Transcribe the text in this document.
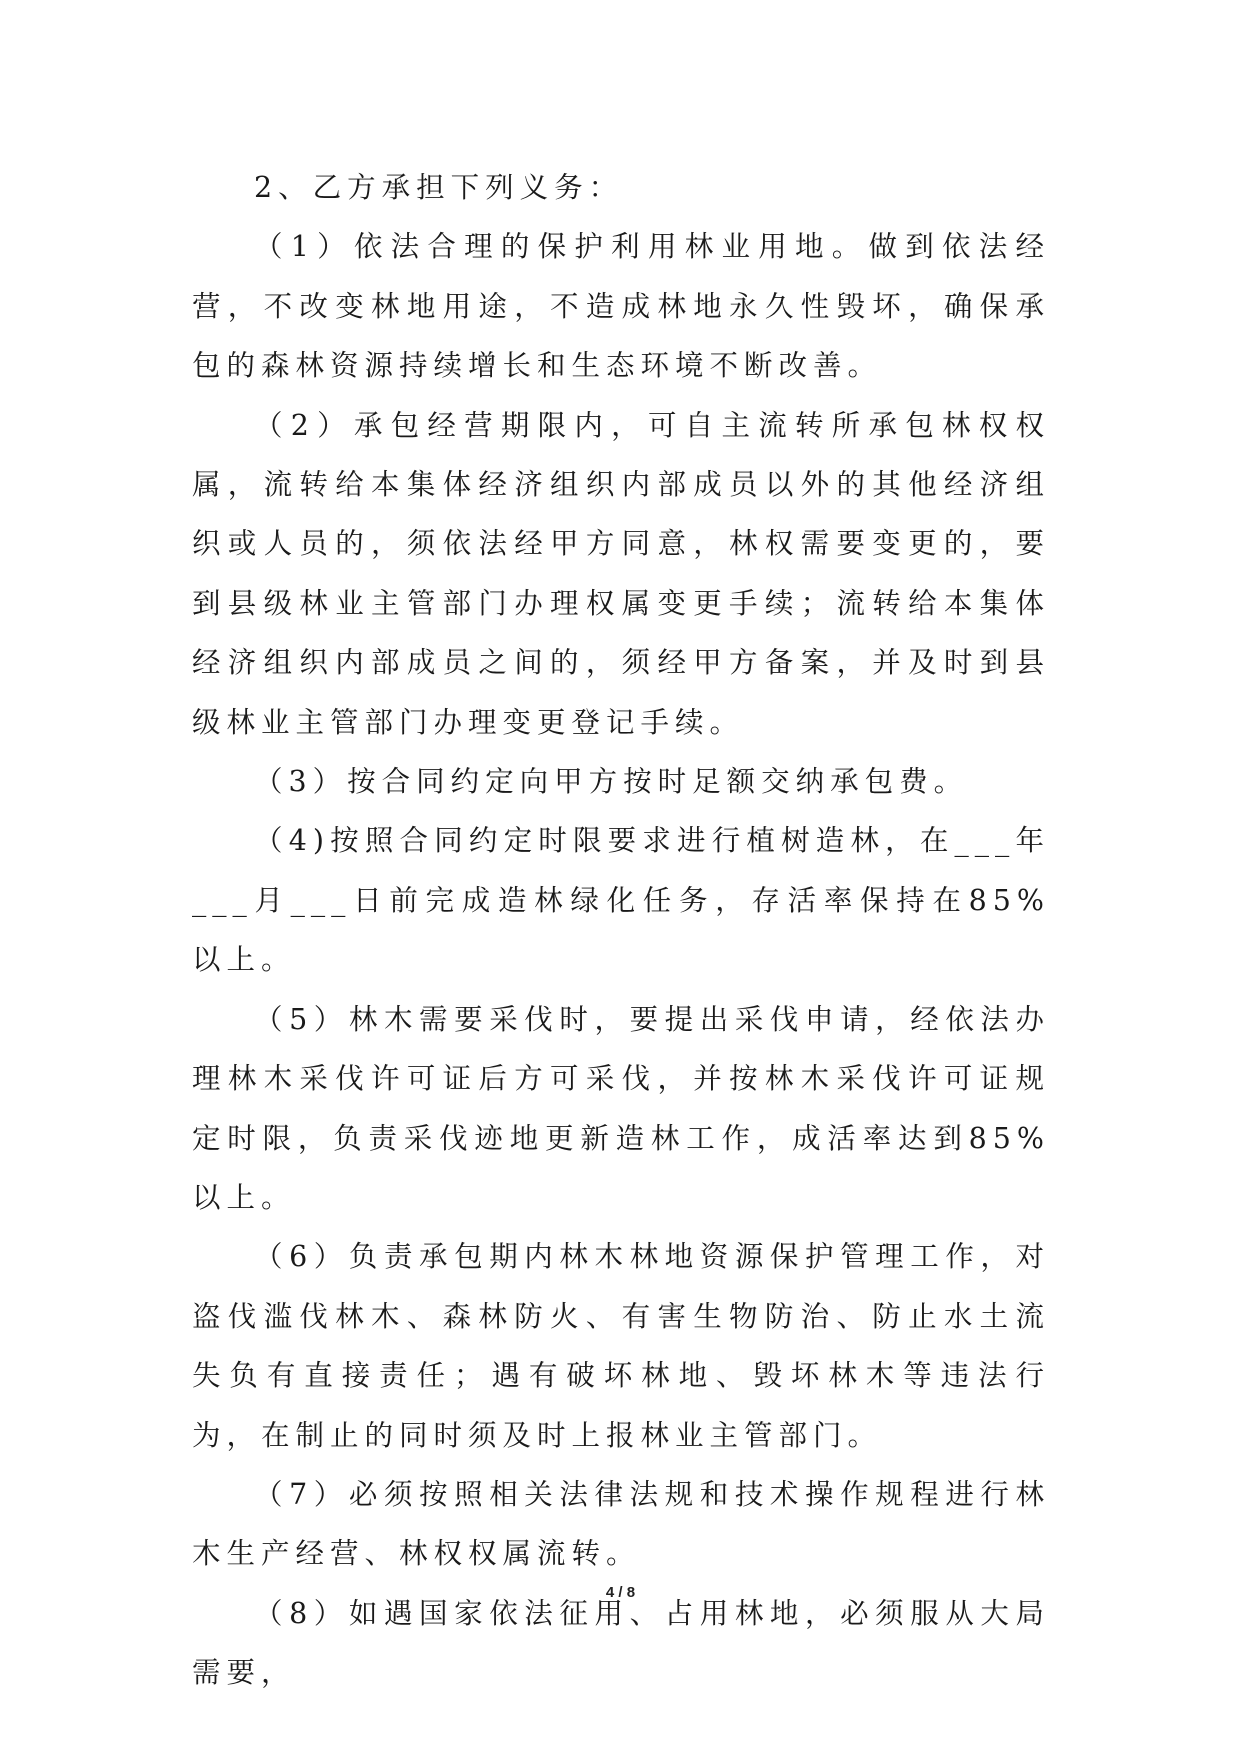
2、乙方承担下列义务：

（1）依法合理的保护利用林业用地。做到依法经营，不改变林地用途，不造成林地永久性毁坏，确保承包的森林资源持续增长和生态环境不断改善。

（2）承包经营期限内，可自主流转所承包林权权属，流转给本集体经济组织内部成员以外的其他经济组织或人员的，须依法经甲方同意，林权需要变更的，要到县级林业主管部门办理权属变更手续；流转给本集体经济组织内部成员之间的，须经甲方备案，并及时到县级林业主管部门办理变更登记手续。

（3）按合同约定向甲方按时足额交纳承包费。

（4)按照合同约定时限要求进行植树造林，在___年___月___日前完成造林绿化任务，存活率保持在85%以上。

（5）林木需要采伐时，要提出采伐申请，经依法办理林木采伐许可证后方可采伐，并按林木采伐许可证规定时限，负责采伐迹地更新造林工作，成活率达到85%以上。

（6）负责承包期内林木林地资源保护管理工作，对盗伐滥伐林木、森林防火、有害生物防治、防止水土流失负有直接责任；遇有破坏林地、毁坏林木等违法行为，在制止的同时须及时上报林业主管部门。

（7）必须按照相关法律法规和技术操作规程进行林木生产经营、林权权属流转。

（8）如遇国家依法征用、占用林地，必须服从大局需要，

4 / 8
